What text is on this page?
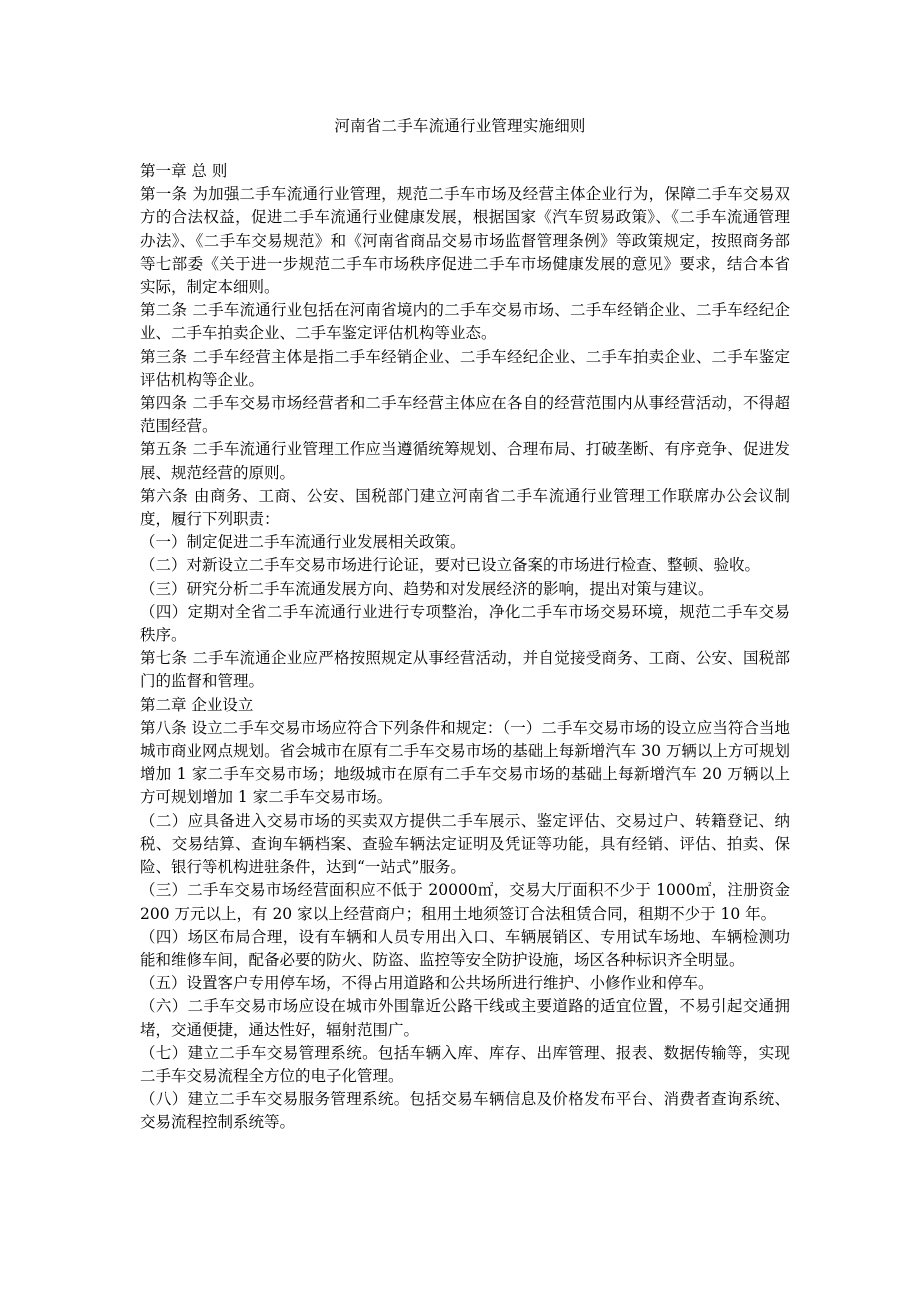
河南省二手车流通行业管理实施细则

第一章 总 则

第一条 为加强二手车流通行业管理，规范二手车市场及经营主体企业行为，保障二手车交易双方的合法权益，促进二手车流通行业健康发展，根据国家《汽车贸易政策》、《二手车流通管理办法》、《二手车交易规范》和《河南省商品交易市场监督管理条例》等政策规定，按照商务部等七部委《关于进一步规范二手车市场秩序促进二手车市场健康发展的意见》要求，结合本省实际，制定本细则。

第二条 二手车流通行业包括在河南省境内的二手车交易市场、二手车经销企业、二手车经纪企业、二手车拍卖企业、二手车鉴定评估机构等业态。

第三条 二手车经营主体是指二手车经销企业、二手车经纪企业、二手车拍卖企业、二手车鉴定评估机构等企业。

第四条 二手车交易市场经营者和二手车经营主体应在各自的经营范围内从事经营活动，不得超范围经营。

第五条 二手车流通行业管理工作应当遵循统筹规划、合理布局、打破垄断、有序竞争、促进发展、规范经营的原则。

第六条 由商务、工商、公安、国税部门建立河南省二手车流通行业管理工作联席办公会议制度，履行下列职责：

（一）制定促进二手车流通行业发展相关政策。

（二）对新设立二手车交易市场进行论证，要对已设立备案的市场进行检查、整顿、验收。

（三）研究分析二手车流通发展方向、趋势和对发展经济的影响，提出对策与建议。

（四）定期对全省二手车流通行业进行专项整治，净化二手车市场交易环境，规范二手车交易秩序。

第七条 二手车流通企业应严格按照规定从事经营活动，并自觉接受商务、工商、公安、国税部门的监督和管理。

第二章 企业设立

第八条 设立二手车交易市场应符合下列条件和规定：（一）二手车交易市场的设立应当符合当地城市商业网点规划。省会城市在原有二手车交易市场的基础上每新增汽车 30 万辆以上方可规划增加 1 家二手车交易市场；地级城市在原有二手车交易市场的基础上每新增汽车 20 万辆以上方可规划增加 1 家二手车交易市场。

（二）应具备进入交易市场的买卖双方提供二手车展示、鉴定评估、交易过户、转籍登记、纳税、交易结算、查询车辆档案、查验车辆法定证明及凭证等功能，具有经销、评估、拍卖、保险、银行等机构进驻条件，达到“一站式”服务。

（三）二手车交易市场经营面积应不低于 20000㎡，交易大厅面积不少于 1000㎡，注册资金 200 万元以上，有 20 家以上经营商户；租用土地须签订合法租赁合同，租期不少于 10 年。

（四）场区布局合理，设有车辆和人员专用出入口、车辆展销区、专用试车场地、车辆检测功能和维修车间，配备必要的防火、防盗、监控等安全防护设施，场区各种标识齐全明显。

（五）设置客户专用停车场，不得占用道路和公共场所进行维护、小修作业和停车。

（六）二手车交易市场应设在城市外围靠近公路干线或主要道路的适宜位置，不易引起交通拥堵，交通便捷，通达性好，辐射范围广。

（七）建立二手车交易管理系统。包括车辆入库、库存、出库管理、报表、数据传输等，实现二手车交易流程全方位的电子化管理。

（八）建立二手车交易服务管理系统。包括交易车辆信息及价格发布平台、消费者查询系统、交易流程控制系统等。
